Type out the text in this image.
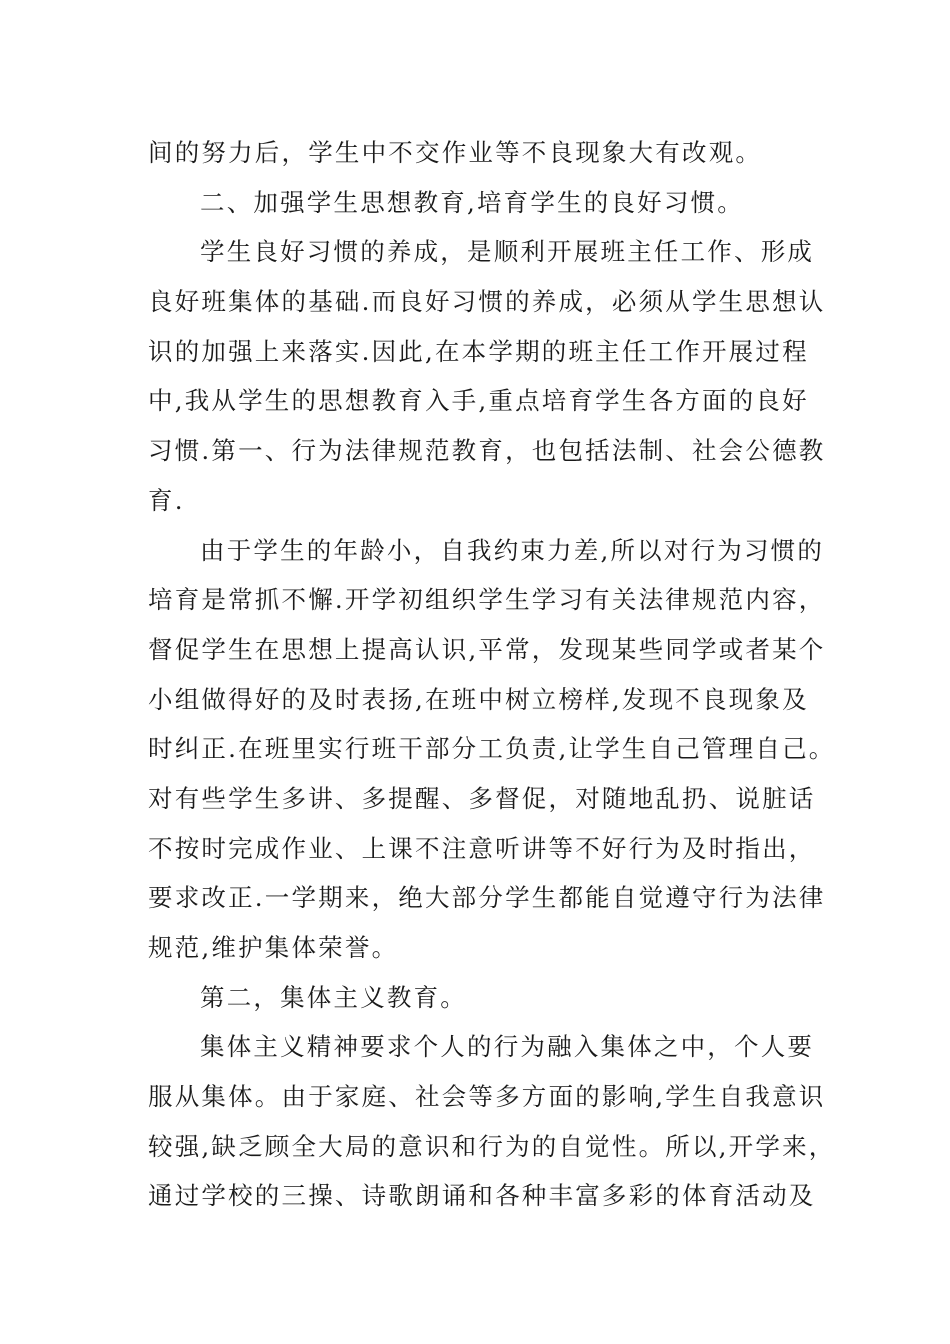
间的努力后，学生中不交作业等不良现象大有改观。
二、加强学生思想教育,培育学生的良好习惯。
学生良好习惯的养成，是顺利开展班主任工作、形成
良好班集体的基础.而良好习惯的养成，必须从学生思想认
识的加强上来落实.因此,在本学期的班主任工作开展过程
中,我从学生的思想教育入手,重点培育学生各方面的良好
习惯.第一、行为法律规范教育，也包括法制、社会公德教
育.
由于学生的年龄小，自我约束力差,所以对行为习惯的
培育是常抓不懈.开学初组织学生学习有关法律规范内容，
督促学生在思想上提高认识,平常，发现某些同学或者某个
小组做得好的及时表扬,在班中树立榜样,发现不良现象及
时纠正.在班里实行班干部分工负责,让学生自己管理自己。
对有些学生多讲、多提醒、多督促，对随地乱扔、说脏话
不按时完成作业、上课不注意听讲等不好行为及时指出，
要求改正.一学期来，绝大部分学生都能自觉遵守行为法律
规范,维护集体荣誉。
第二，集体主义教育。
集体主义精神要求个人的行为融入集体之中，个人要
服从集体。由于家庭、社会等多方面的影响,学生自我意识
较强,缺乏顾全大局的意识和行为的自觉性。所以,开学来，
通过学校的三操、诗歌朗诵和各种丰富多彩的体育活动及
